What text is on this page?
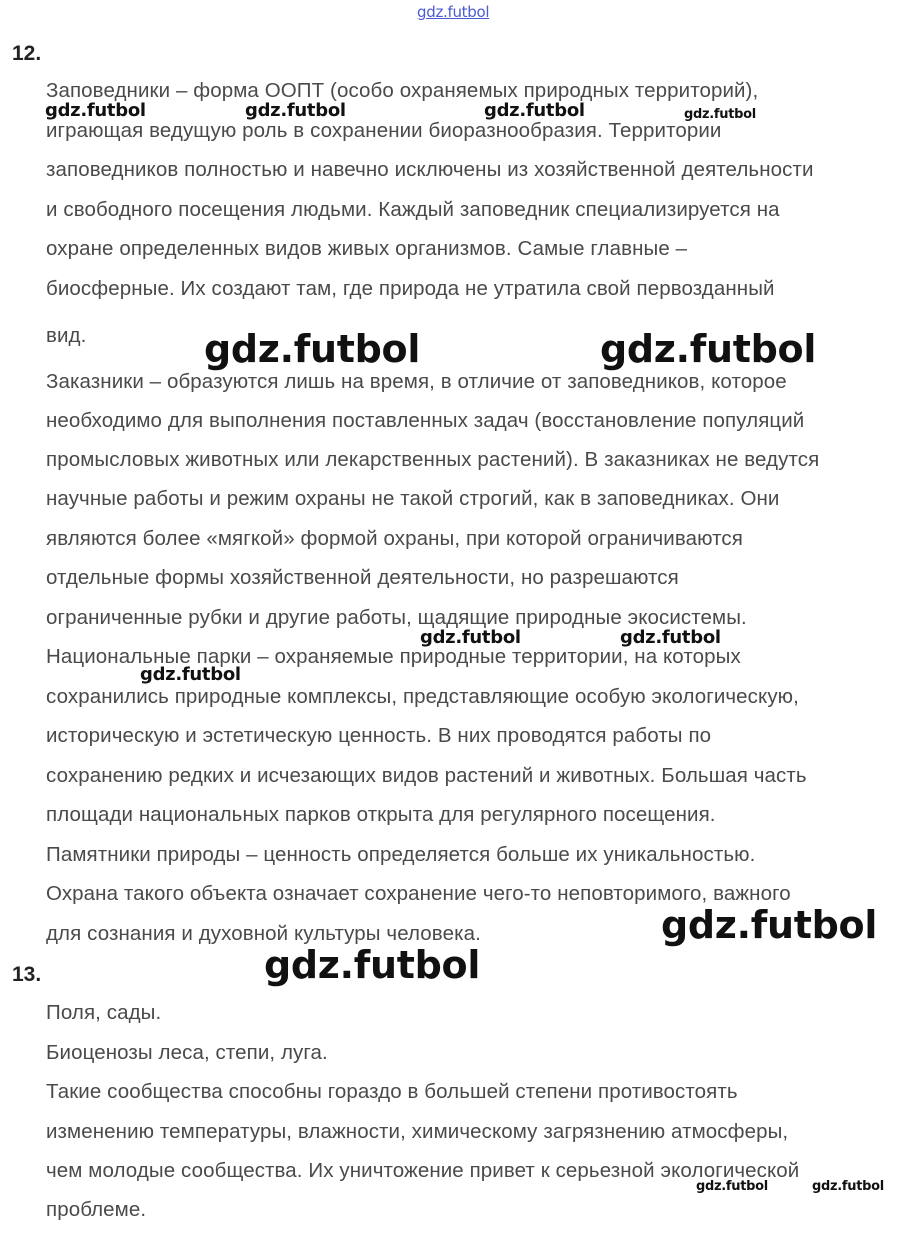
12.
Заповедники – форма ООПТ (особо охраняемых природных территорий),
играющая ведущую роль в сохранении биоразнообразия. Территории
заповедников полностью и навечно исключены из хозяйственной деятельности
и свободного посещения людьми. Каждый заповедник специализируется на
охране определенных видов живых организмов. Самые главные –
биосферные. Их создают там, где природа не утратила свой первозданный
вид.
Заказники – образуются лишь на время, в отличие от заповедников, которое
необходимо для выполнения поставленных задач (восстановление популяций
промысловых животных или лекарственных растений). В заказниках не ведутся
научные работы и режим охраны не такой строгий, как в заповедниках. Они
являются более «мягкой» формой охраны, при которой ограничиваются
отдельные формы хозяйственной деятельности, но разрешаются
ограниченные рубки и другие работы, щадящие природные экосистемы.
Национальные парки – охраняемые природные территории, на которых
сохранились природные комплексы, представляющие особую экологическую,
историческую и эстетическую ценность. В них проводятся работы по
сохранению редких и исчезающих видов растений и животных. Большая часть
площади национальных парков открыта для регулярного посещения.
Памятники природы – ценность определяется больше их уникальностью.
Охрана такого объекта означает сохранение чего-то неповторимого, важного
для сознания и духовной культуры человека.
13.
Поля, сады.
Биоценозы леса, степи, луга.
Такие сообщества способны гораздо в большей степени противостоять
изменению температуры, влажности, химическому загрязнению атмосферы,
чем молодые сообщества. Их уничтожение привет к серьезной экологической
проблеме.
gdz.futbol
gdz.futbol	gdz.futbol	gdz.futbol	gdz.futbol
gdz.futbol	gdz.futbol
gdz.futbol	gdz.futbol
gdz.futbol
gdz.futbol
gdz.futbol
gdz.futbol	gdz.futbol
